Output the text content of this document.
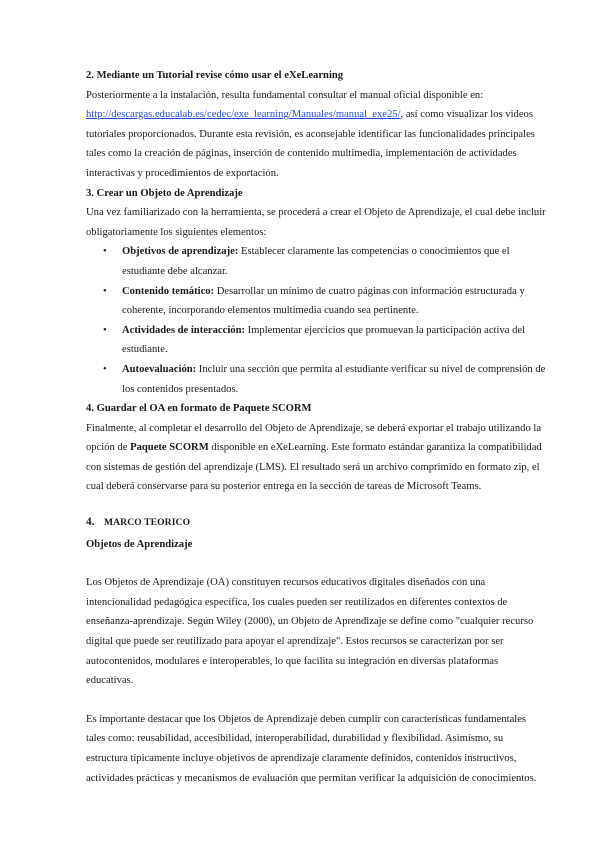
2. Mediante un Tutorial revise cómo usar el eXeLearning

Posteriormente a la instalación, resulta fundamental consultar el manual oficial disponible en: http://descargas.educalab.es/cedec/exe_learning/Manuales/manual_exe25/, así como visualizar los videos tutoriales proporcionados. Durante esta revisión, es aconsejable identificar las funcionalidades principales tales como la creación de páginas, inserción de contenido multimedia, implementación de actividades interactivas y procedimientos de exportación.

3. Crear un Objeto de Aprendizaje

Una vez familiarizado con la herramienta, se procederá a crear el Objeto de Aprendizaje, el cual debe incluir obligatoriamente los siguientes elementos:

• Objetivos de aprendizaje: Establecer claramente las competencias o conocimientos que el estudiante debe alcanzar.
• Contenido temático: Desarrollar un mínimo de cuatro páginas con información estructurada y coherente, incorporando elementos multimedia cuando sea pertinente.
• Actividades de interacción: Implementar ejercicios que promuevan la participación activa del estudiante.
• Autoevaluación: Incluir una sección que permita al estudiante verificar su nivel de comprensión de los contenidos presentados.

4. Guardar el OA en formato de Paquete SCORM

Finalmente, al completar el desarrollo del Objeto de Aprendizaje, se deberá exportar el trabajo utilizando la opción de Paquete SCORM disponible en eXeLearning. Este formato estándar garantiza la compatibilidad con sistemas de gestión del aprendizaje (LMS). El resultado será un archivo comprimido en formato zip, el cual deberá conservarse para su posterior entrega en la sección de tareas de Microsoft Teams.

4. MARCO TEORICO

Objetos de Aprendizaje

Los Objetos de Aprendizaje (OA) constituyen recursos educativos digitales diseñados con una intencionalidad pedagógica específica, los cuales pueden ser reutilizados en diferentes contextos de enseñanza-aprendizaje. Según Wiley (2000), un Objeto de Aprendizaje se define como "cualquier recurso digital que puede ser reutilizado para apoyar el aprendizaje". Estos recursos se caracterizan por ser autocontenidos, modulares e interoperables, lo que facilita su integración en diversas plataformas educativas.

Es importante destacar que los Objetos de Aprendizaje deben cumplir con características fundamentales tales como: reusabilidad, accesibilidad, interoperabilidad, durabilidad y flexibilidad. Asimismo, su estructura típicamente incluye objetivos de aprendizaje claramente definidos, contenidos instructivos, actividades prácticas y mecanismos de evaluación que permitan verificar la adquisición de conocimientos.
